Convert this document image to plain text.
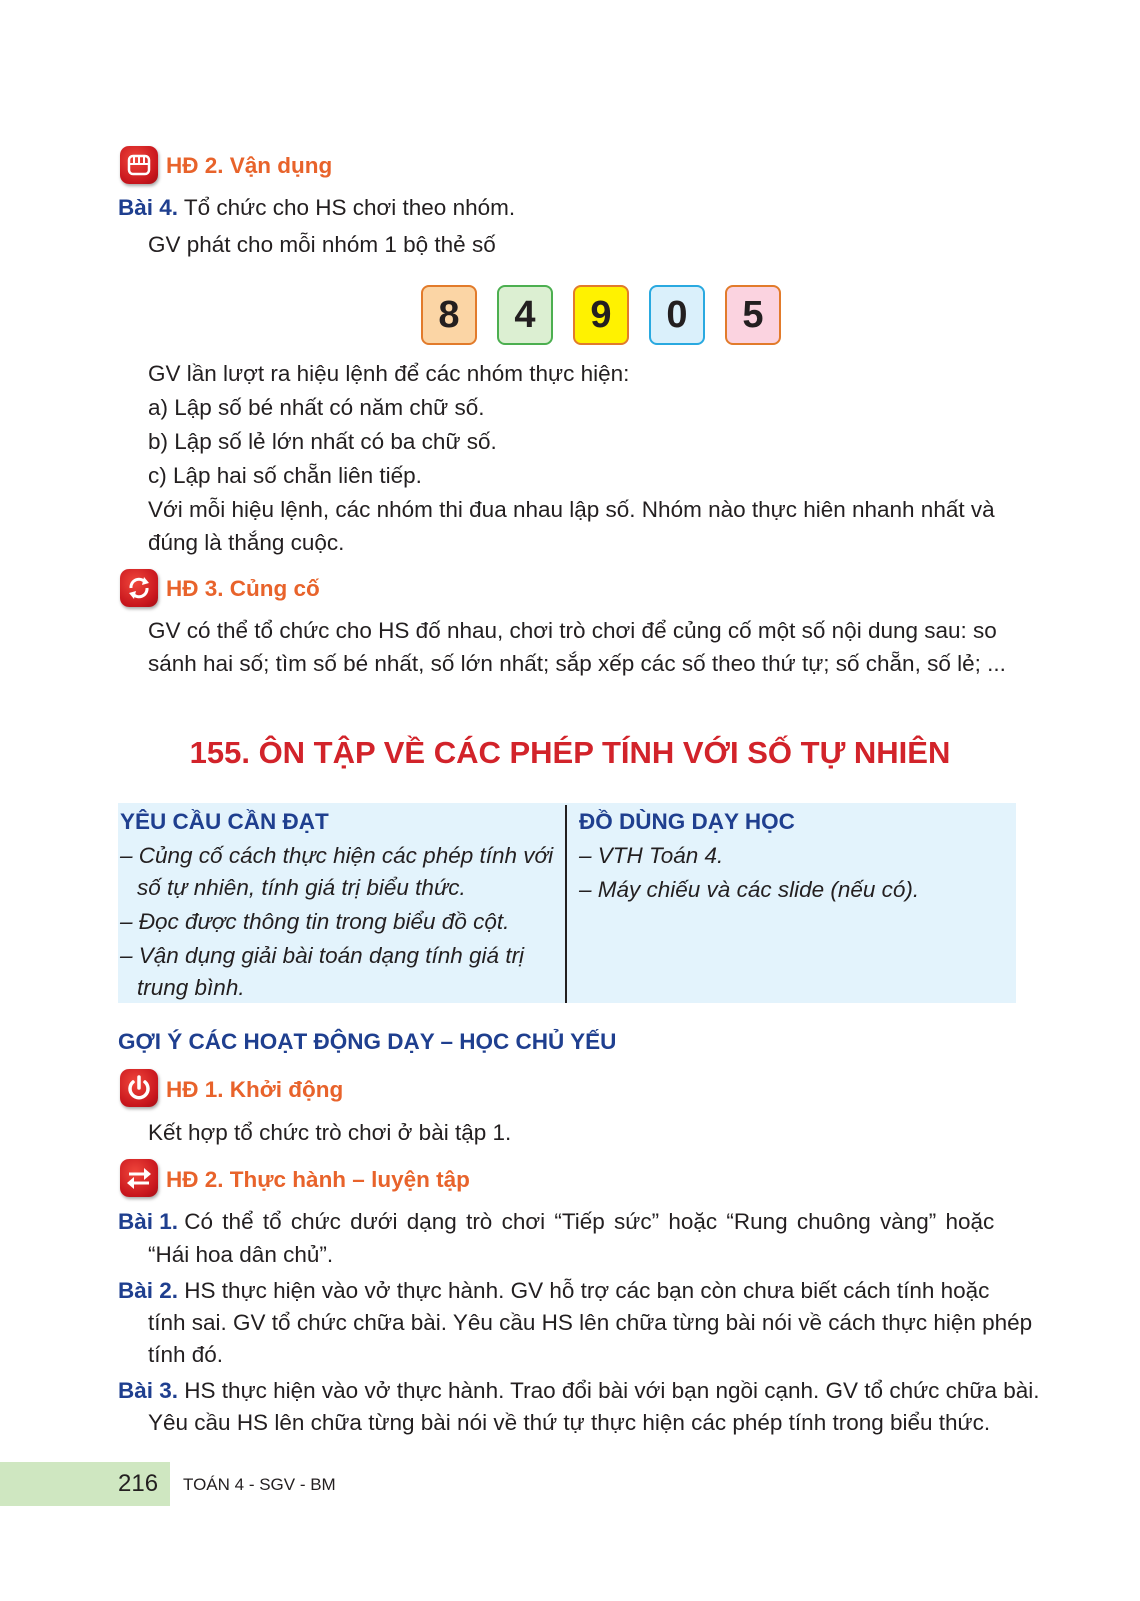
HĐ 2. Vận dụng
Bài 4. Tổ chức cho HS chơi theo nhóm.
GV phát cho mỗi nhóm 1 bộ thẻ số
8	4	9	0	5
GV lần lượt ra hiệu lệnh để các nhóm thực hiện:
a) Lập số bé nhất có năm chữ số.
b) Lập số lẻ lớn nhất có ba chữ số.
c) Lập hai số chẵn liên tiếp.
Với mỗi hiệu lệnh, các nhóm thi đua nhau lập số. Nhóm nào thực hiên nhanh nhất và
đúng là thắng cuộc.
HĐ 3. Củng cố
GV có thể tổ chức cho HS đố nhau, chơi trò chơi để củng cố một số nội dung sau: so
sánh hai số; tìm số bé nhất, số lớn nhất; sắp xếp các số theo thứ tự; số chẵn, số lẻ; ...
155. ÔN TẬP VỀ CÁC PHÉP TÍNH VỚI SỐ TỰ NHIÊN
YÊU CẦU CẦN ĐẠT
– Củng cố cách thực hiện các phép tính với
số tự nhiên, tính giá trị biểu thức.
– Đọc được thông tin trong biểu đồ cột.
– Vận dụng giải bài toán dạng tính giá trị
trung bình.
ĐỒ DÙNG DẠY HỌC
– VTH Toán 4.
– Máy chiếu và các slide (nếu có).
GỢI Ý CÁC HOẠT ĐỘNG DẠY – HỌC CHỦ YẾU
HĐ 1. Khởi động
Kết hợp tổ chức trò chơi ở bài tập 1.
HĐ 2. Thực hành – luyện tập
Bài 1. Có thể tổ chức dưới dạng trò chơi “Tiếp sức” hoặc “Rung chuông vàng” hoặc
“Hái hoa dân chủ”.
Bài 2. HS thực hiện vào vở thực hành. GV hỗ trợ các bạn còn chưa biết cách tính hoặc
tính sai. GV tổ chức chữa bài. Yêu cầu HS lên chữa từng bài nói về cách thực hiện phép
tính đó.
Bài 3. HS thực hiện vào vở thực hành. Trao đổi bài với bạn ngồi cạnh. GV tổ chức chữa bài.
Yêu cầu HS lên chữa từng bài nói về thứ tự thực hiện các phép tính trong biểu thức.
216 TOÁN 4 - SGV - BM
